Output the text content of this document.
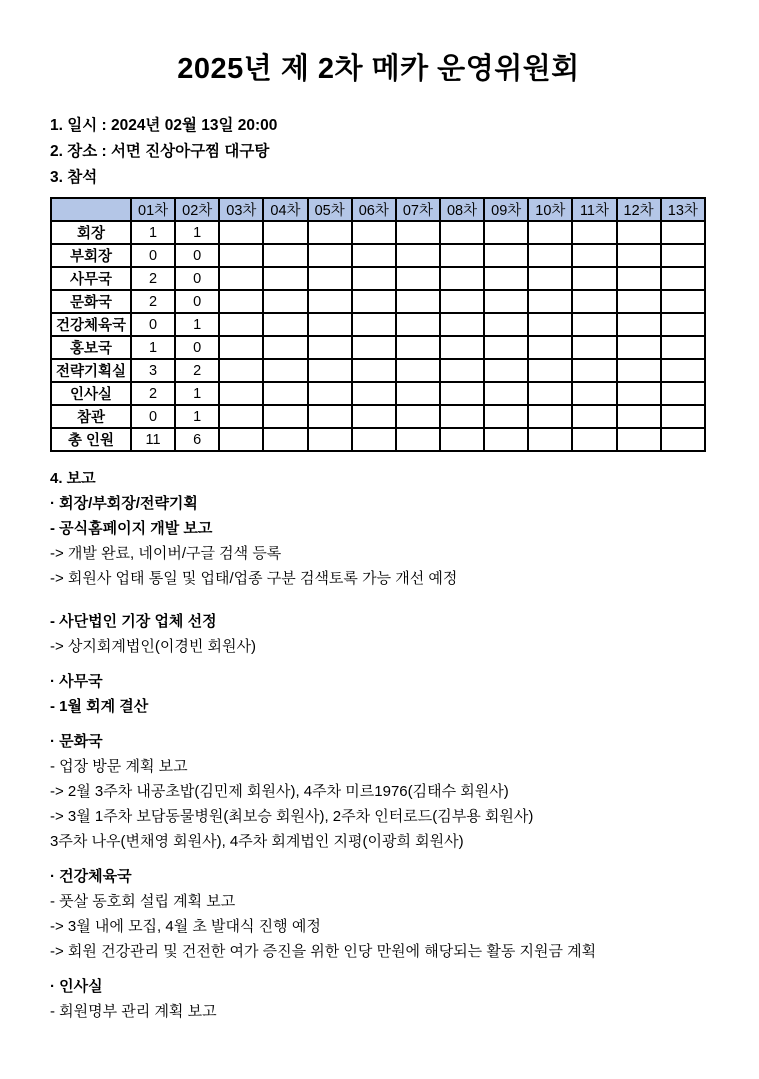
2025년 제 2차 메카 운영위원회

1. 일시 : 2024년 02월 13일 20:00

2. 장소 : 서면 진상아구찜 대구탕

3. 참석

	01차	02차	03차	04차	05차	06차	07차	08차	09차	10차	11차	12차	13차
회장	1	1											
부회장	0	0											
사무국	2	0											
문화국	2	0											
건강체육국	0	1											
홍보국	1	0											
전략기획실	3	2											
인사실	2	1											
참관	0	1											
총 인원	11	6											

4. 보고

· 회장/부회장/전략기획

- 공식홈페이지 개발 보고

-> 개발 완료, 네이버/구글 검색 등록

-> 회원사 업태 통일 및 업태/업종 구분 검색토록 가능 개선 예정

- 사단법인 기장 업체 선정

-> 상지회계법인(이경빈 회원사)

· 사무국

- 1월 회계 결산

· 문화국

- 업장 방문 계획 보고

-> 2월 3주차 내공초밥(김민제 회원사), 4주차 미르1976(김태수 회원사)

-> 3월 1주차 보담동물병원(최보승 회원사), 2주차 인터로드(김부용 회원사)

3주차 나우(변채영 회원사), 4주차 회계법인 지평(이광희 회원사)

· 건강체육국

- 풋살 동호회 설립 계획 보고

-> 3월 내에 모집, 4월 초 발대식 진행 예정

-> 회원 건강관리 및 건전한 여가 증진을 위한 인당 만원에 해당되는 활동 지원금 계획

· 인사실

- 회원명부 관리 계획 보고
